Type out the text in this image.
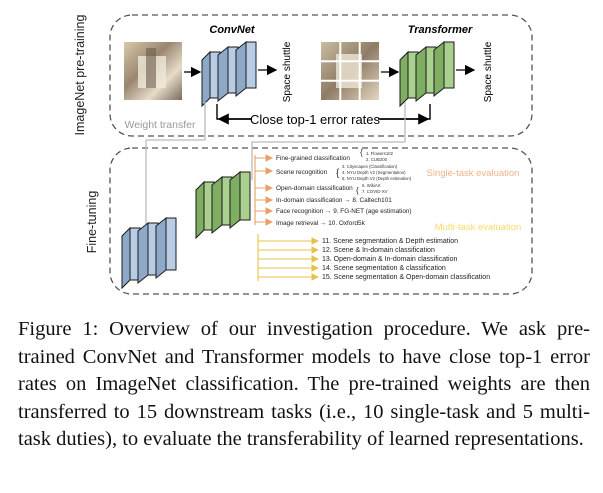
ImageNet pre-training
Fine-tuning
ConvNet
Space shuttle
Transformer
Space shuttle
Close top-1 error rates
Weight transfer
Fine-grained classification
Scene recognition
Open-domain classification
In-domain classification → 8. Caltech101
Face recognition → 9. FG-NET (age estimation)
Image retrieval → 10. Oxford5k
{ 1. Flowers102
2. CUB200
{
3. Cityscapes (Classification)
4. NYU Depth V2 (Segmentation)
5. NYU Depth V2 (Depth estimation)
{
6. WikiArt
7. COVID-XV
Single-task evaluation
Multi-task evaluation
11. Scene segmentation & Depth estimation
12. Scene & In-domain classification
13. Open-domain & In-domain classification
14. Scene segmentation & classification
15. Scene segmentation & Open-domain classification
Figure 1: Overview of our investigation procedure. We ask pre-trained ConvNet and Transformer models to have close top-1 error rates on ImageNet classification. The pre-trained weights are then transferred to 15 downstream tasks (i.e., 10 single-task and 5 multi-task duties), to evaluate the transferability of learned representations.
